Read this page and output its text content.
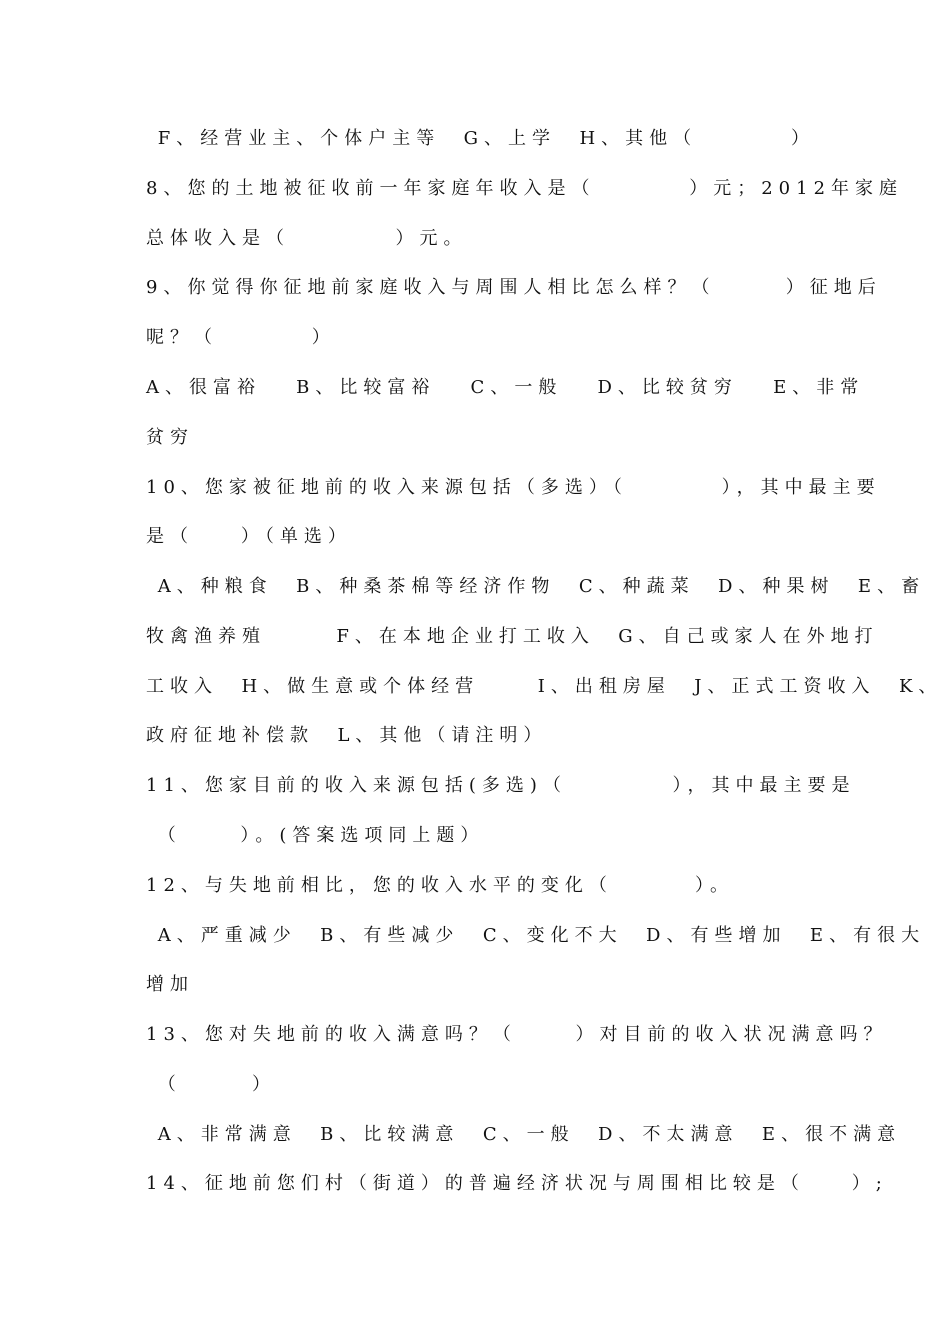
F、经营业主、个体户主等  G、上学  H、其他（        ）
8、您的土地被征收前一年家庭年收入是（        ）元；2012年家庭
总体收入是（         ）元。
9、你觉得你征地前家庭收入与周围人相比怎么样？（      ）征地后
呢？（        ）
A、很富裕   B、比较富裕   C、一般   D、比较贫穷   E、非常
贫穷
10、您家被征地前的收入来源包括（多选）（        ），其中最主要
是（    ）（单选）
A、种粮食  B、种桑茶棉等经济作物  C、种蔬菜  D、种果树  E、畜
牧禽渔养殖      F、在本地企业打工收入  G、自己或家人在外地打
工收入  H、做生意或个体经营     I、出租房屋  J、正式工资收入  K、
政府征地补偿款  L、其他（请注明）
11、您家目前的收入来源包括(多选)（         ），其中最主要是
（     ）。(答案选项同上题）
12、与失地前相比，您的收入水平的变化（       ）。
A、严重减少  B、有些减少  C、变化不大  D、有些增加  E、有很大
增加
13、您对失地前的收入满意吗？（     ）对目前的收入状况满意吗？
（      ）
A、非常满意  B、比较满意  C、一般  D、不太满意  E、很不满意
14、征地前您们村（街道）的普遍经济状况与周围相比较是（    ）;
